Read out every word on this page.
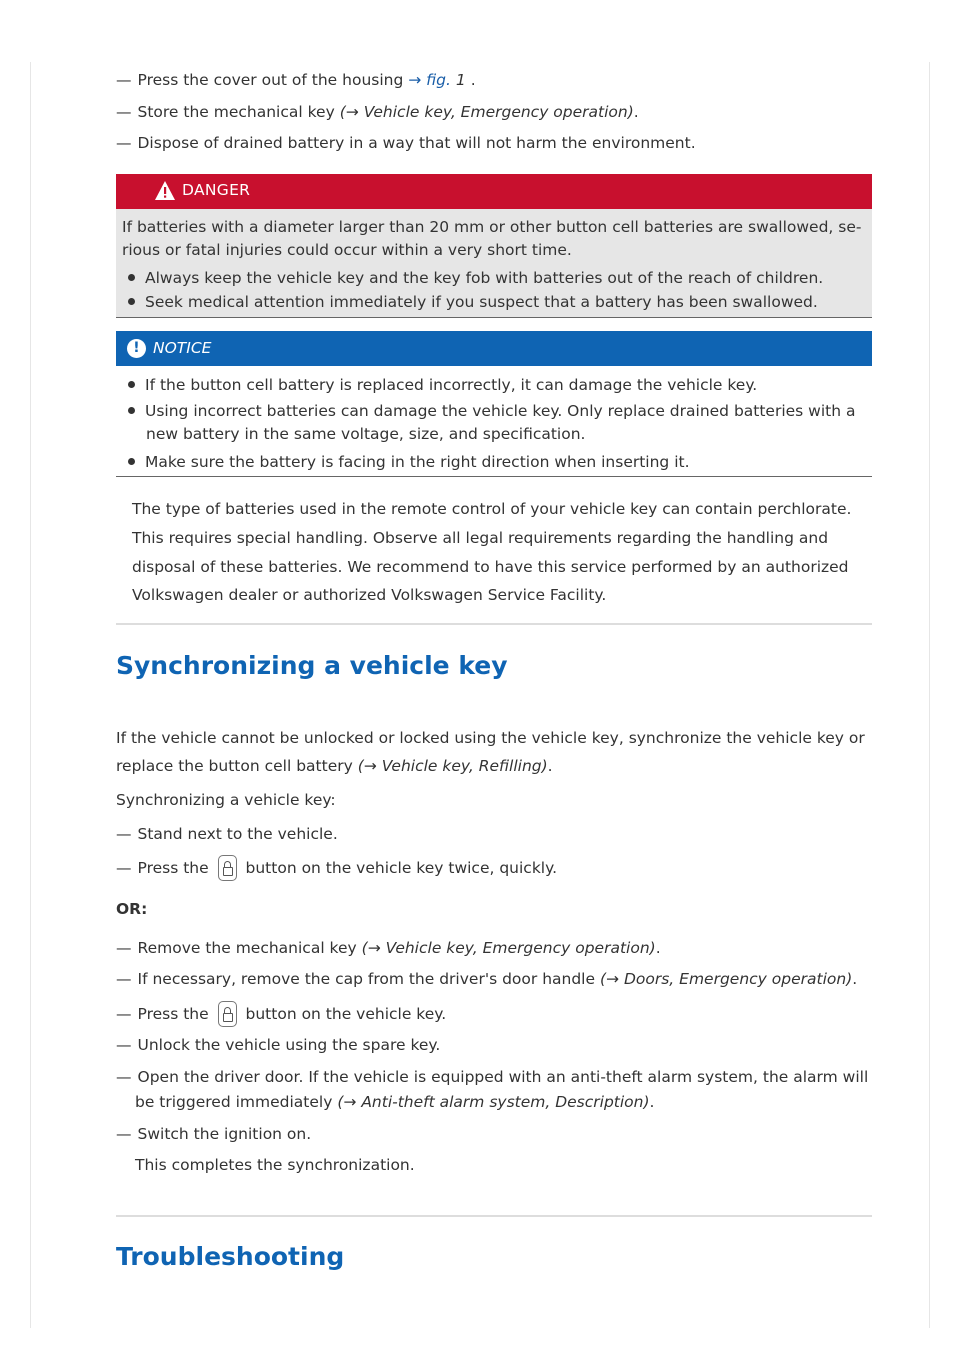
— Press the cover out of the housing → fig. 1 .
— Store the mechanical key (→ Vehicle key, Emergency operation).
— Dispose of drained battery in a way that will not harm the environment.
DANGER

If batteries with a diameter larger than 20 mm or other button cell batteries are swallowed, se-

rious or fatal injuries could occur within a very short time.

Always keep the vehicle key and the key fob with batteries out of the reach of children.
Seek medical attention immediately if you suspect that a battery has been swallowed.
! NOTICE
If the button cell battery is replaced incorrectly, it can damage the vehicle key.
Using incorrect batteries can damage the vehicle key. Only replace drained batteries with a
new battery in the same voltage, size, and specification.
Make sure the battery is facing in the right direction when inserting it.

The type of batteries used in the remote control of your vehicle key can contain perchlorate.

This requires special handling. Observe all legal requirements regarding the handling and

disposal of these batteries. We recommend to have this service performed by an authorized

Volkswagen dealer or authorized Volkswagen Service Facility.

Synchronizing a vehicle key

If the vehicle cannot be unlocked or locked using the vehicle key, synchronize the vehicle key or

replace the button cell battery (→ Vehicle key, Refilling).

Synchronizing a vehicle key:

— Stand next to the vehicle.
— Press the  button on the vehicle key twice, quickly.
OR:
— Remove the mechanical key (→ Vehicle key, Emergency operation).
— If necessary, remove the cap from the driver's door handle (→ Doors, Emergency operation).
— Press the  button on the vehicle key.
— Unlock the vehicle using the spare key.
— Open the driver door. If the vehicle is equipped with an anti-theft alarm system, the alarm will
be triggered immediately (→ Anti-theft alarm system, Description).
— Switch the ignition on.
This completes the synchronization.
Troubleshooting
